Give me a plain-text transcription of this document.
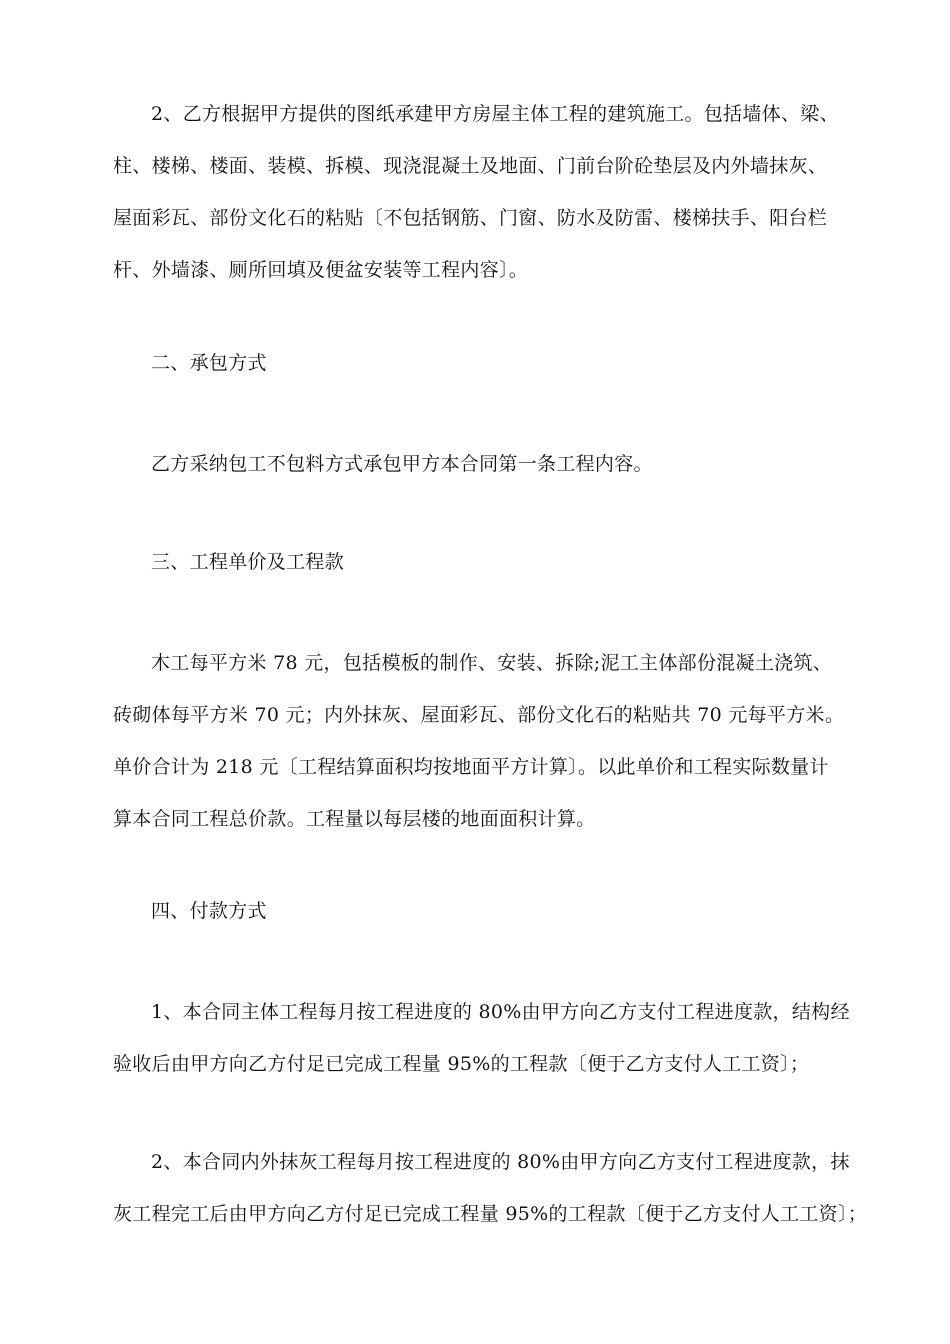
2、乙方根据甲方提供的图纸承建甲方房屋主体工程的建筑施工。包括墙体、梁、
柱、楼梯、楼面、装模、拆模、现浇混凝土及地面、门前台阶砼垫层及内外墙抹灰、
屋面彩瓦、部份文化石的粘贴〔不包括钢筋、门窗、防水及防雷、楼梯扶手、阳台栏
杆、外墙漆、厕所回填及便盆安装等工程内容〕。
二、承包方式
乙方采纳包工不包料方式承包甲方本合同第一条工程内容。
三、工程单价及工程款
木工每平方米 78 元，包括模板的制作、安装、拆除;泥工主体部份混凝土浇筑、
砖砌体每平方米 70 元；内外抹灰、屋面彩瓦、部份文化石的粘贴共 70 元每平方米。
单价合计为 218 元〔工程结算面积均按地面平方计算〕。以此单价和工程实际数量计
算本合同工程总价款。工程量以每层楼的地面面积计算。
四、付款方式
1、本合同主体工程每月按工程进度的 80%由甲方向乙方支付工程进度款，结构经
验收后由甲方向乙方付足已完成工程量 95%的工程款〔便于乙方支付人工工资〕；
2、本合同内外抹灰工程每月按工程进度的 80%由甲方向乙方支付工程进度款，抹
灰工程完工后由甲方向乙方付足已完成工程量 95%的工程款〔便于乙方支付人工工资〕；
